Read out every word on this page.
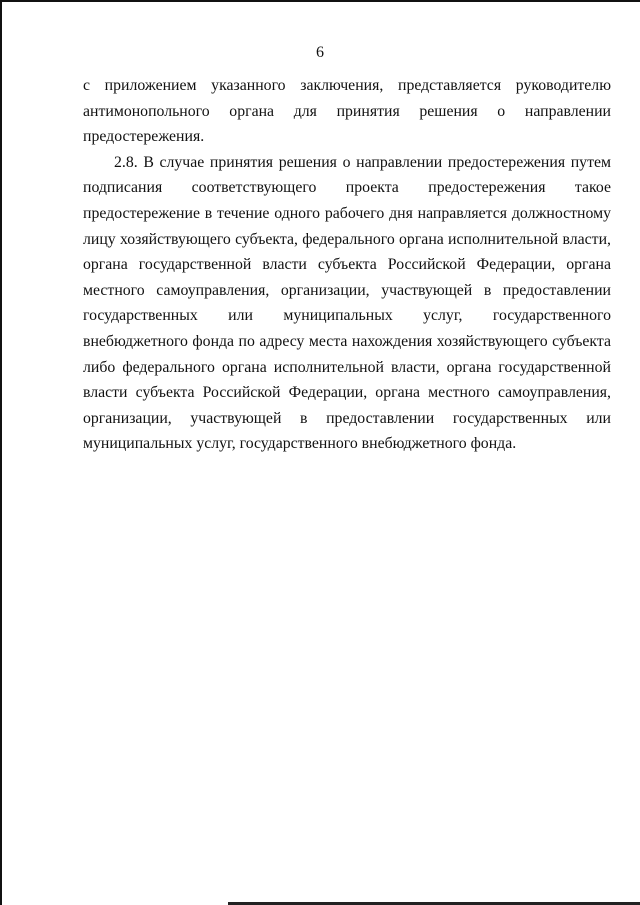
6

с приложением указанного заключения, представляется руководителю антимонопольного органа для принятия решения о направлении предостережения.

2.8. В случае принятия решения о направлении предостережения путем подписания соответствующего проекта предостережения такое предостережение в течение одного рабочего дня направляется должностному лицу хозяйствующего субъекта, федерального органа исполнительной власти, органа государственной власти субъекта Российской Федерации, органа местного самоуправления, организации, участвующей в предоставлении государственных или муниципальных услуг, государственного внебюджетного фонда по адресу места нахождения хозяйствующего субъекта либо федерального органа исполнительной власти, органа государственной власти субъекта Российской Федерации, органа местного самоуправления, организации, участвующей в предоставлении государственных или муниципальных услуг, государственного внебюджетного фонда.
